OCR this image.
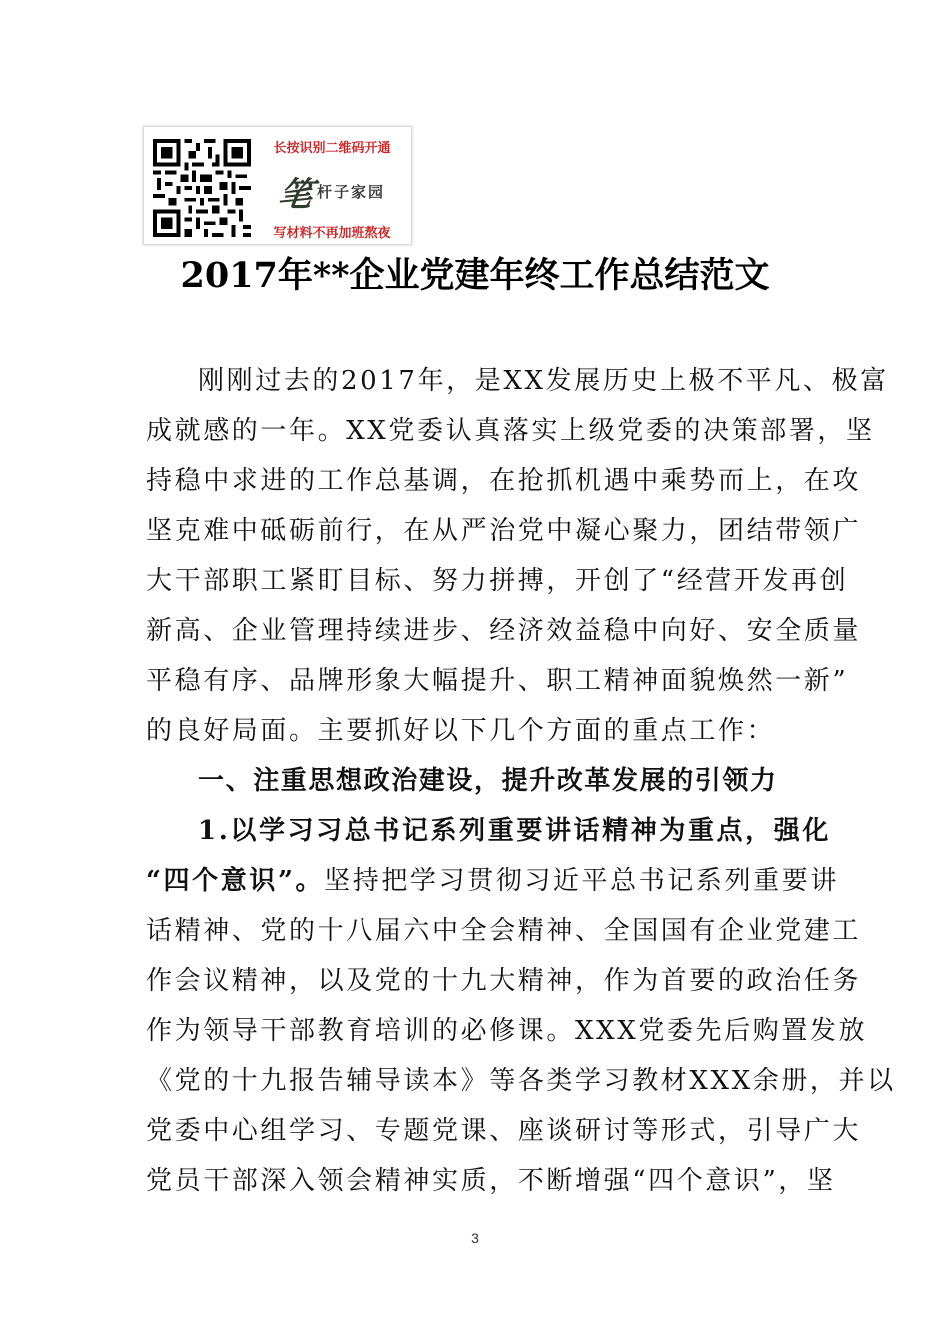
长按识别二维码开通
笔 杆子家园
写材料不再加班熬夜
2017年**企业党建年终工作总结范文
刚刚过去的2017年，是XX发展历史上极不平凡、极富
成就感的一年。XX党委认真落实上级党委的决策部署，坚
持稳中求进的工作总基调，在抢抓机遇中乘势而上，在攻
坚克难中砥砺前行，在从严治党中凝心聚力，团结带领广
大干部职工紧盯目标、努力拼搏，开创了“经营开发再创
新高、企业管理持续进步、经济效益稳中向好、安全质量
平稳有序、品牌形象大幅提升、职工精神面貌焕然一新”
的良好局面。主要抓好以下几个方面的重点工作：
一、注重思想政治建设，提升改革发展的引领力
1.以学习习总书记系列重要讲话精神为重点，强化
“四个意识”。坚持把学习贯彻习近平总书记系列重要讲
话精神、党的十八届六中全会精神、全国国有企业党建工
作会议精神，以及党的十九大精神，作为首要的政治任务
作为领导干部教育培训的必修课。XXX党委先后购置发放
《党的十九报告辅导读本》等各类学习教材XXX余册，并以
党委中心组学习、专题党课、座谈研讨等形式，引导广大
党员干部深入领会精神实质，不断增强“四个意识”，坚
3
